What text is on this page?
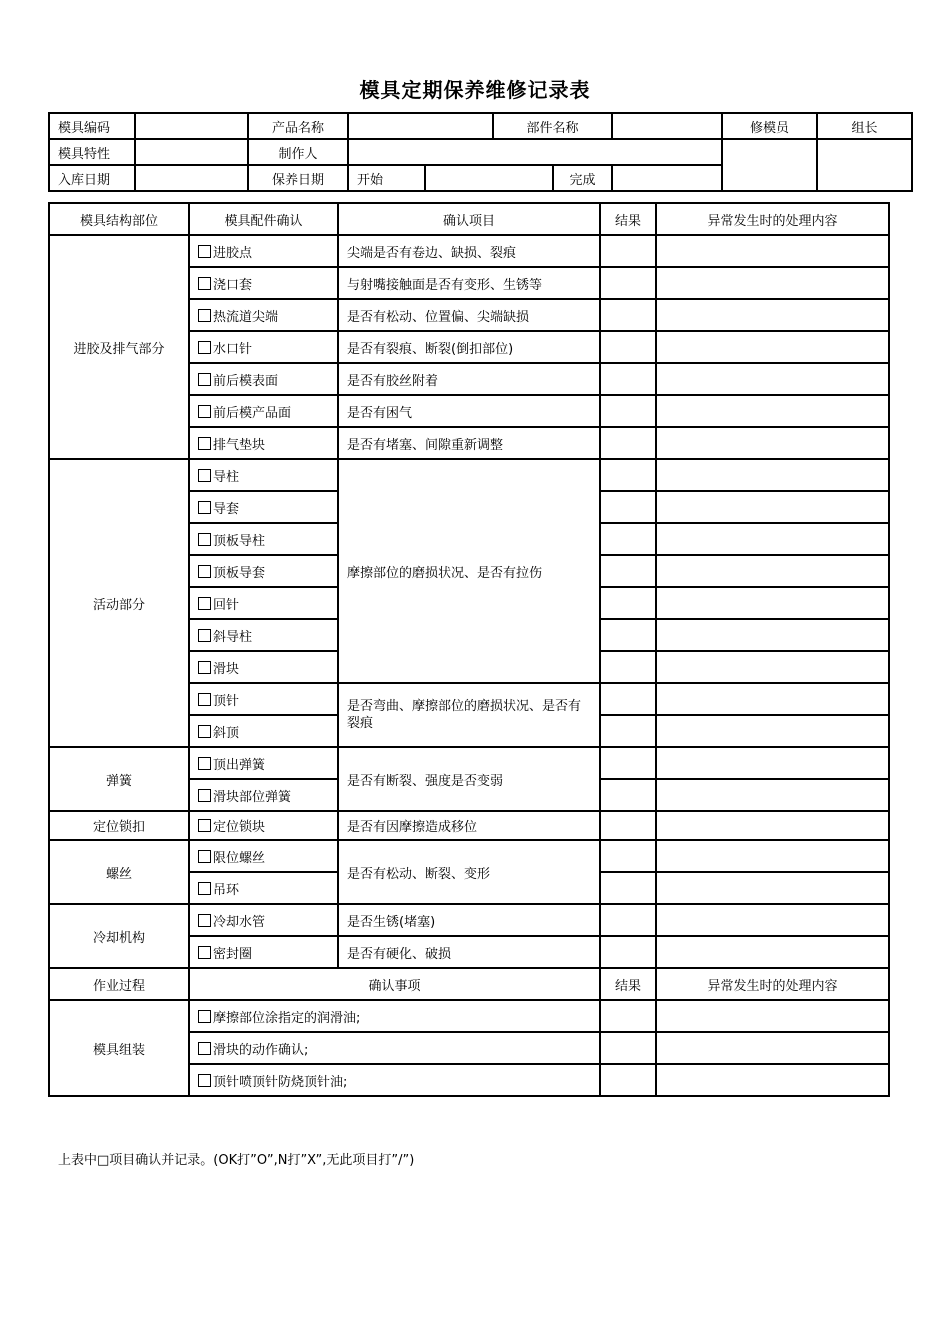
模具定期保养维修记录表
模具编码		产品名称			部件名称			修模员	组长
模具特性		制作人							
入库日期		保养日期	开始			完成			
模具结构部位	模具配件确认	确认项目	结果	异常发生时的处理内容
进胶及排气部分	进胶点	尖端是否有卷边、缺损、裂痕		
	浇口套	与射嘴接触面是否有变形、生锈等		
	热流道尖端	是否有松动、位置偏、尖端缺损		
	水口针	是否有裂痕、断裂(倒扣部位)		
	前后模表面	是否有胶丝附着		
	前后模产品面	是否有困气		
	排气垫块	是否有堵塞、间隙重新调整		
活动部分	导柱	摩擦部位的磨损状况、是否有拉伤		
	导套			
	顶板导柱			
	顶板导套			
	回针			
	斜导柱			
	滑块			
	顶针	是否弯曲、摩擦部位的磨损状况、是否有裂痕		
	斜顶			
弹簧	顶出弹簧	是否有断裂、强度是否变弱		
	滑块部位弹簧			
定位锁扣	定位锁块	是否有因摩擦造成移位		
螺丝	限位螺丝	是否有松动、断裂、变形		
	吊环			
冷却机构	冷却水管	是否生锈(堵塞)		
	密封圈	是否有硬化、破损		
作业过程	确认事项		结果	异常发生时的处理内容
模具组装	摩擦部位涂指定的润滑油;			
	滑块的动作确认;			
	顶针喷顶针防烧顶针油;			
上表中□项目确认并记录。(OK打”O”,N打”X”,无此项目打”/”)
